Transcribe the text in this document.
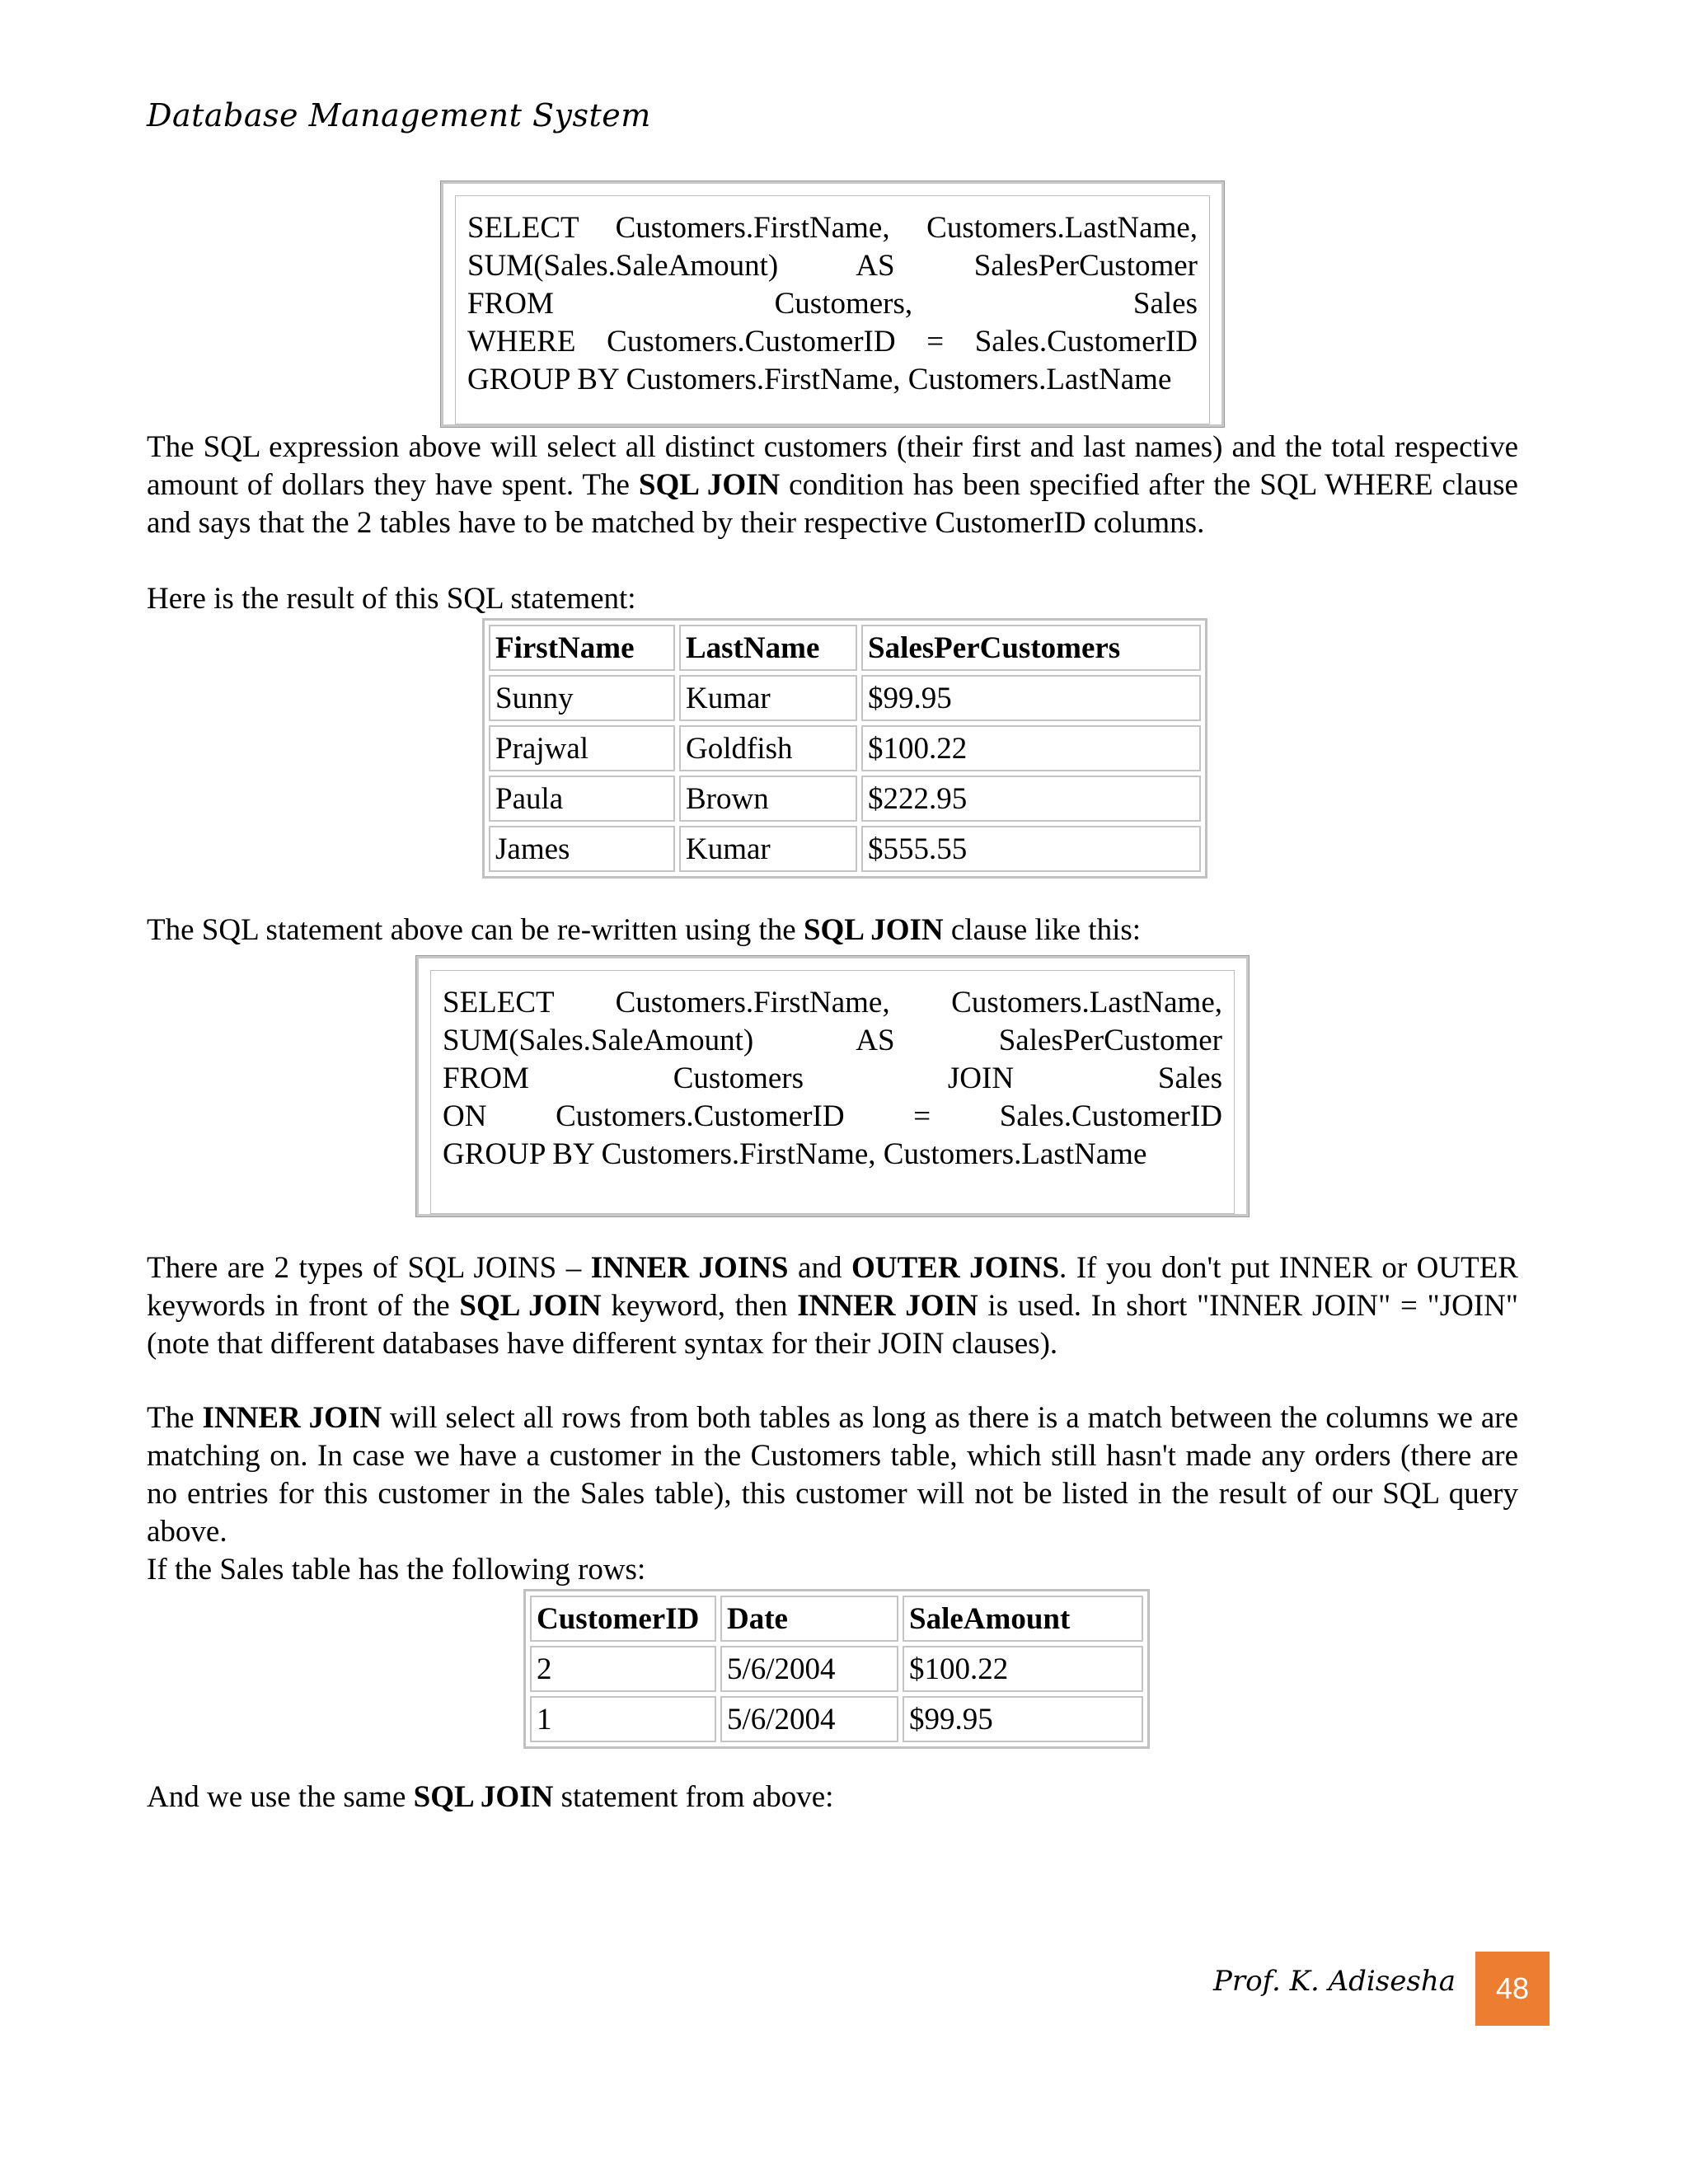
Database Management System
SELECT Customers.FirstName, Customers.LastName,
SUM(Sales.SaleAmount) AS SalesPerCustomer
FROM Customers, Sales
WHERE Customers.CustomerID = Sales.CustomerID
GROUP BY Customers.FirstName, Customers.LastName

The SQL expression above will select all distinct customers (their first and last names) and the total respective amount of dollars they have spent. The SQL JOIN condition has been specified after the SQL WHERE clause and says that the 2 tables have to be matched by their respective CustomerID columns.

Here is the result of this SQL statement:

FirstName	LastName	SalesPerCustomers
Sunny	Kumar	$99.95
Prajwal	Goldfish	$100.22
Paula	Brown	$222.95
James	Kumar	$555.55

The SQL statement above can be re-written using the SQL JOIN clause like this:

SELECT Customers.FirstName, Customers.LastName,
SUM(Sales.SaleAmount) AS SalesPerCustomer
FROM Customers JOIN Sales
ON Customers.CustomerID = Sales.CustomerID
GROUP BY Customers.FirstName, Customers.LastName

There are 2 types of SQL JOINS – INNER JOINS and OUTER JOINS. If you don't put INNER or OUTER keywords in front of the SQL JOIN keyword, then INNER JOIN is used. In short "INNER JOIN" = "JOIN" (note that different databases have different syntax for their JOIN clauses).

The INNER JOIN will select all rows from both tables as long as there is a match between the columns we are matching on. In case we have a customer in the Customers table, which still hasn't made any orders (there are no entries for this customer in the Sales table), this customer will not be listed in the result of our SQL query above.

If the Sales table has the following rows:

CustomerID	Date	SaleAmount
2	5/6/2004	$100.22
1	5/6/2004	$99.95

And we use the same SQL JOIN statement from above:

Prof. K. Adisesha	48
